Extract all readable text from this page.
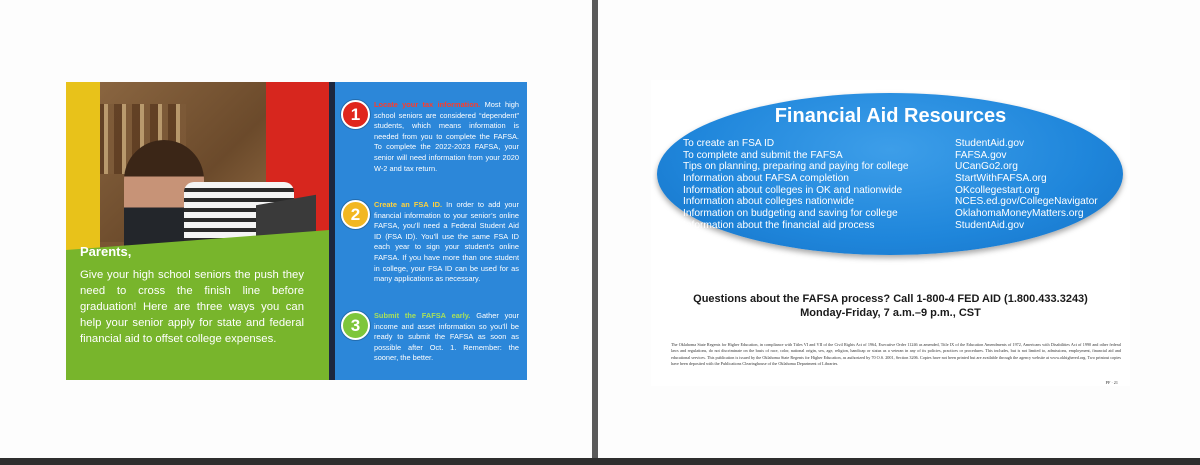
Parents,

Give your high school seniors the push they need to cross the finish line before graduation! Here are three ways you can help your senior apply for state and federal financial aid to offset college expenses.

1

Locate your tax information. Most high school seniors are considered “dependent” students, which means information is needed from you to complete the FAFSA. To complete the 2022-2023 FAFSA, your senior will need information from your 2020 W-2 and tax return.

2

Create an FSA ID. In order to add your financial information to your senior’s online FAFSA, you’ll need a Federal Student Aid ID (FSA ID). You’ll use the same FSA ID each year to sign your student’s online FAFSA. If you have more than one student in college, your FSA ID can be used for as many applications as necessary.

3

Submit the FAFSA early. Gather your income and asset information so you’ll be ready to submit the FAFSA as soon as possible after Oct. 1. Remember: the sooner, the better.

Financial Aid Resources
To create an FSA ID	StudentAid.gov
To complete and submit the FAFSA	FAFSA.gov
Tips on planning, preparing and paying for college	UCanGo2.org
Information about FAFSA completion	StartWithFAFSA.org
Information about colleges in OK and nationwide	OKcollegestart.org
Information about colleges nationwide	NCES.ed.gov/CollegeNavigator
Information on budgeting and saving for college	OklahomaMoneyMatters.org
Information about the financial aid process	StudentAid.gov

Questions about the FAFSA process? Call 1-800-4 FED AID (1.800.433.3243)
Monday-Friday, 7 a.m.–9 p.m., CST

The Oklahoma State Regents for Higher Education, in compliance with Titles VI and VII of the Civil Rights Act of 1964, Executive Order 11246 as amended, Title IX of the Education Amendments of 1972, Americans with Disabilities Act of 1990 and other federal laws and regulations, do not discriminate on the basis of race, color, national origin, sex, age, religion, handicap or status as a veteran in any of its policies, practices or procedures. This includes, but is not limited to, admissions, employment, financial aid and educational services. This publication is issued by the Oklahoma State Regents for Higher Education, as authorized by 70 O.S. 2001, Section 3206. Copies have not been printed but are available through the agency website at www.okhighered.org. Two printout copies have been deposited with the Publications Clearinghouse of the Oklahoma Department of Libraries.

PF · 21
